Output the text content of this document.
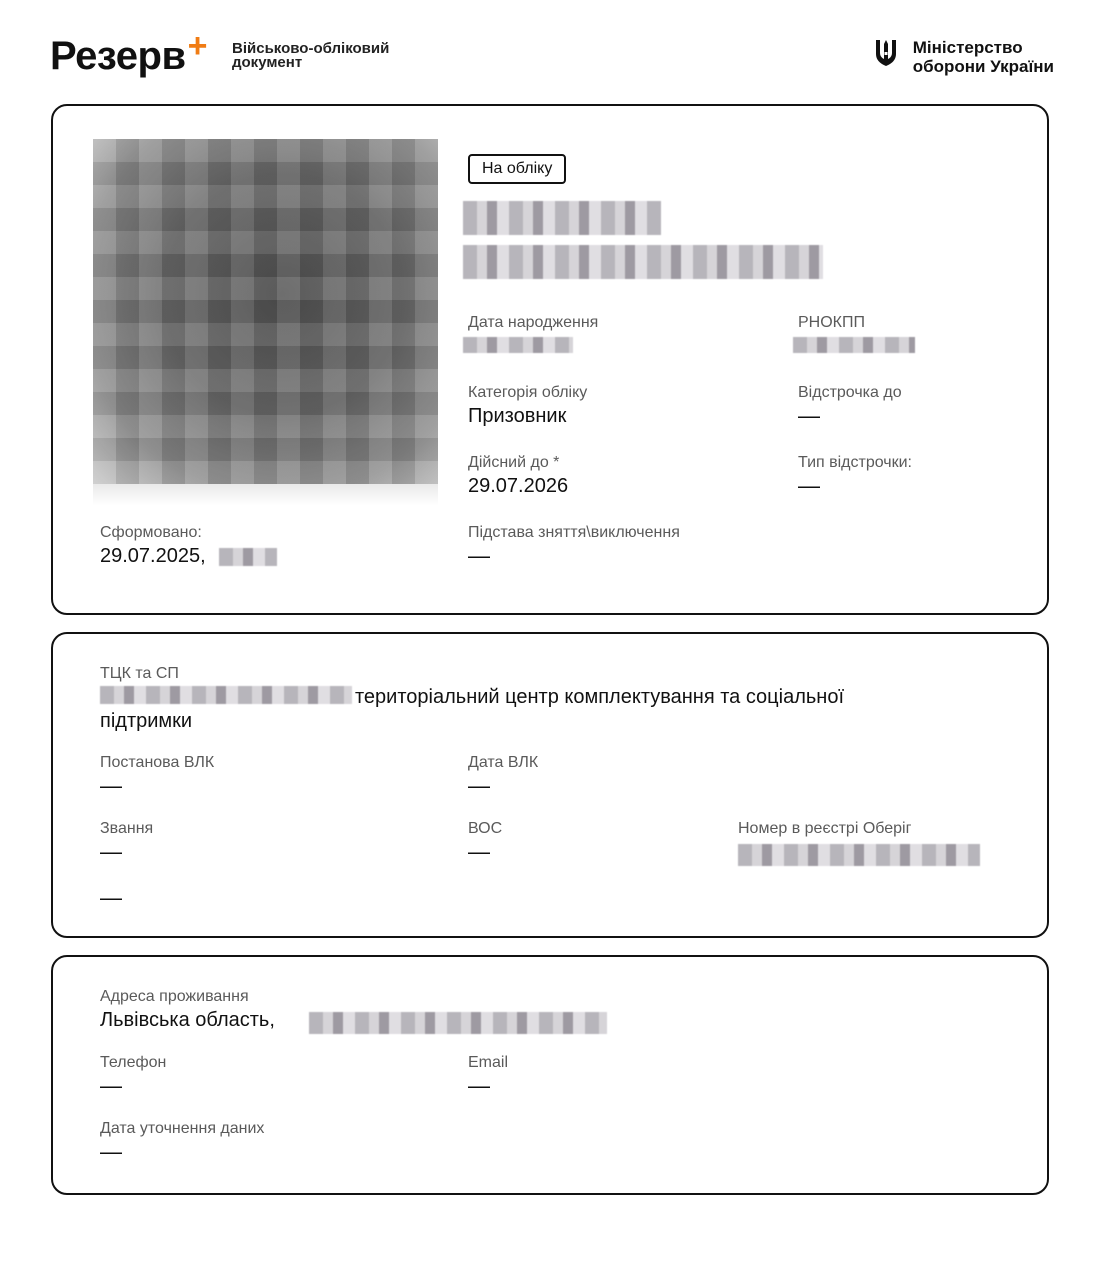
Резерв+ Військово-обліковий
документ
Міністерство
оборони України
На обліку
Дата народження	РНОКПП
Категорія обліку
Призовник
Відстрочка до
—
Дійсний до *
29.07.2026
Тип відстрочки:
—
Сформовано:
29.07.2025,
Підстава зняття\виключення
—
ТЦК та СП
територіальний центр комплектування та соціальної
підтримки
Постанова ВЛК
—
Дата ВЛК
—
Звання
—
ВОС
—
Номер в реєстрі Оберіг
—
Адреса проживання
Львівська область,
Телефон
—
Email
—
Дата уточнення даних
—
